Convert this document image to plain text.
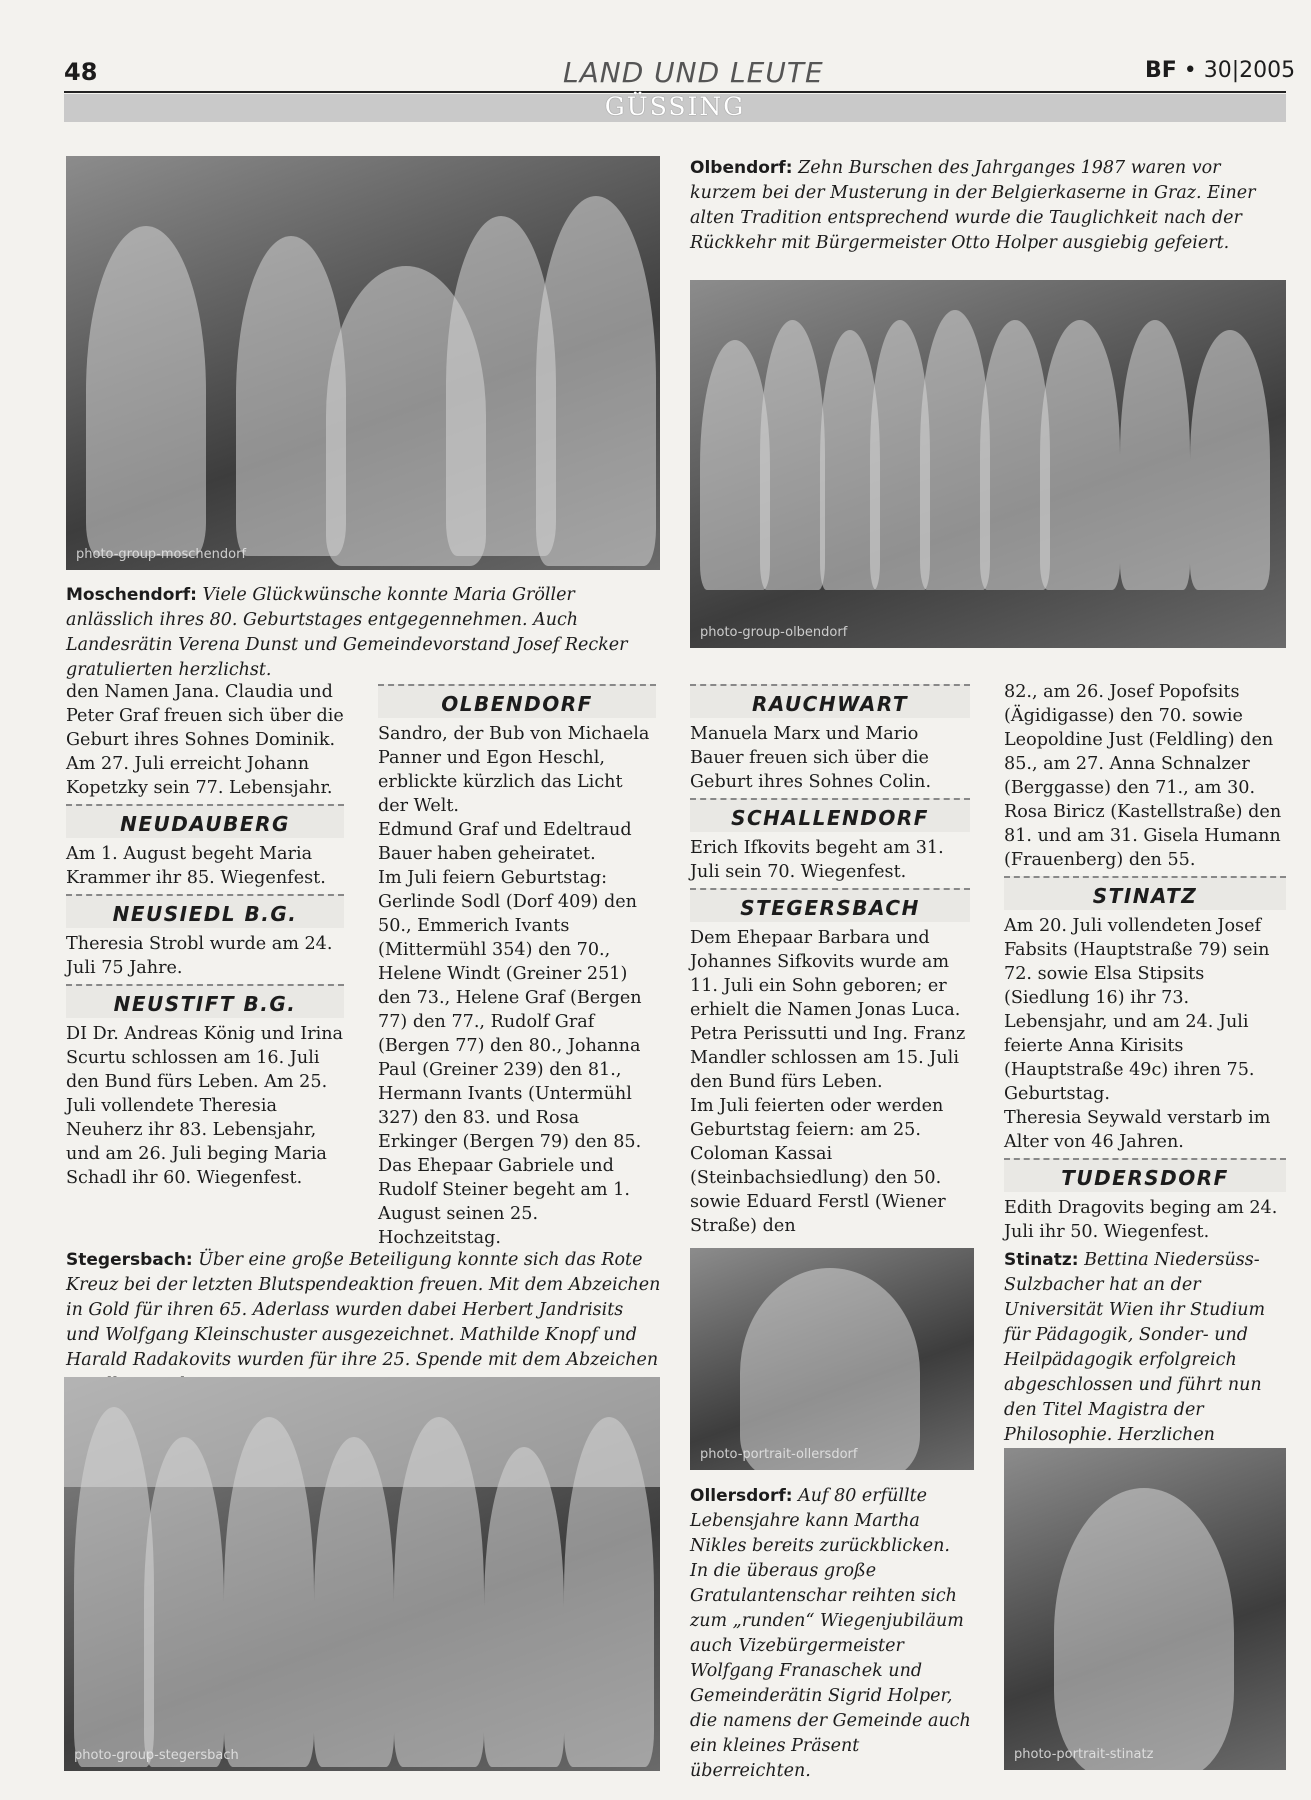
48	LAND UND LEUTE	BF • 30|2005
GÜSSING
photo-group-moschendorf
Moschendorf: Viele Glückwünsche konnte Maria Gröller anlässlich ihres 80. Geburtstages entgegennehmen. Auch Landesrätin Verena Dunst und Gemeindevorstand Josef Recker gratulierten herzlichst.
Olbendorf: Zehn Burschen des Jahrganges 1987 waren vor kurzem bei der Musterung in der Belgierkaserne in Graz. Einer alten Tradition entsprechend wurde die Tauglichkeit nach der Rückkehr mit Bürgermeister Otto Holper ausgiebig gefeiert.
photo-group-olbendorf

den Namen Jana. Claudia und Peter Graf freuen sich über die Geburt ihres Sohnes Dominik. Am 27. Juli erreicht Johann Kopetzky sein 77. Lebensjahr.

NEUDAUBERG

Am 1. August begeht Maria Krammer ihr 85. Wiegenfest.

NEUSIEDL B.G.

Theresia Strobl wurde am 24. Juli 75 Jahre.

NEUSTIFT B.G.

DI Dr. Andreas König und Irina Scurtu schlossen am 16. Juli den Bund fürs Leben. Am 25. Juli vollendete Theresia Neuherz ihr 83. Lebensjahr, und am 26. Juli beging Maria Schadl ihr 60. Wiegenfest.

OLBENDORF

Sandro, der Bub von Michaela Panner und Egon Heschl, erblickte kürzlich das Licht der Welt.

Edmund Graf und Edeltraud Bauer haben geheiratet.

Im Juli feiern Geburtstag: Gerlinde Sodl (Dorf 409) den 50., Emmerich Ivants (Mittermühl 354) den 70., Helene Windt (Greiner 251) den 73., Helene Graf (Bergen 77) den 77., Rudolf Graf (Bergen 77) den 80., Johanna Paul (Greiner 239) den 81., Hermann Ivants (Untermühl 327) den 83. und Rosa Erkinger (Bergen 79) den 85.

Das Ehepaar Gabriele und Rudolf Steiner begeht am 1. August seinen 25. Hochzeitstag.

RAUCHWART

Manuela Marx und Mario Bauer freuen sich über die Geburt ihres Sohnes Colin.

SCHALLENDORF

Erich Ifkovits begeht am 31. Juli sein 70. Wiegenfest.

STEGERSBACH

Dem Ehepaar Barbara und Johannes Sifkovits wurde am 11. Juli ein Sohn geboren; er erhielt die Namen Jonas Luca.

Petra Perissutti und Ing. Franz Mandler schlossen am 15. Juli den Bund fürs Leben.

Im Juli feierten oder werden Geburtstag feiern: am 25. Coloman Kassai (Steinbachsiedlung) den 50. sowie Eduard Ferstl (Wiener Straße) den

82., am 26. Josef Popofsits (Ägidigasse) den 70. sowie Leopoldine Just (Feldling) den 85., am 27. Anna Schnalzer (Berggasse) den 71., am 30. Rosa Biricz (Kastellstraße) den 81. und am 31. Gisela Humann (Frauenberg) den 55.

STINATZ

Am 20. Juli vollendeten Josef Fabsits (Hauptstraße 79) sein 72. sowie Elsa Stipsits (Siedlung 16) ihr 73. Lebensjahr, und am 24. Juli feierte Anna Kirisits (Hauptstraße 49c) ihren 75. Geburtstag.

Theresia Seywald verstarb im Alter von 46 Jahren.

TUDERSDORF

Edith Dragovits beging am 24. Juli ihr 50. Wiegenfest.

Stegersbach: Über eine große Beteiligung konnte sich das Rote Kreuz bei der letzten Blutspendeaktion freuen. Mit dem Abzeichen in Gold für ihren 65. Aderlass wurden dabei Herbert Jandrisits und Wolfgang Kleinschuster ausgezeichnet. Mathilde Knopf und Harald Radakovits wurden für ihre 25. Spende mit dem Abzeichen
photo-group-stegersbach
photo-portrait-ollersdorf
Ollersdorf: Auf 80 erfüllte Lebensjahre kann Martha Nikles bereits zurückblicken. In die überaus große Gratulantenschar reihten sich zum „runden“ Wiegenjubiläum auch Vizebürgermeister Wolfgang Franaschek und Gemeinderätin Sigrid Holper, die namens der Gemeinde auch ein kleines Präsent überreichten.
Stinatz: Bettina Niedersüss-Sulzbacher hat an der Universität Wien ihr Studium für Pädagogik, Sonder- und Heilpädagogik erfolgreich abgeschlossen und führt nun den Titel Magistra der Philosophie. Herzlichen
photo-portrait-stinatz
